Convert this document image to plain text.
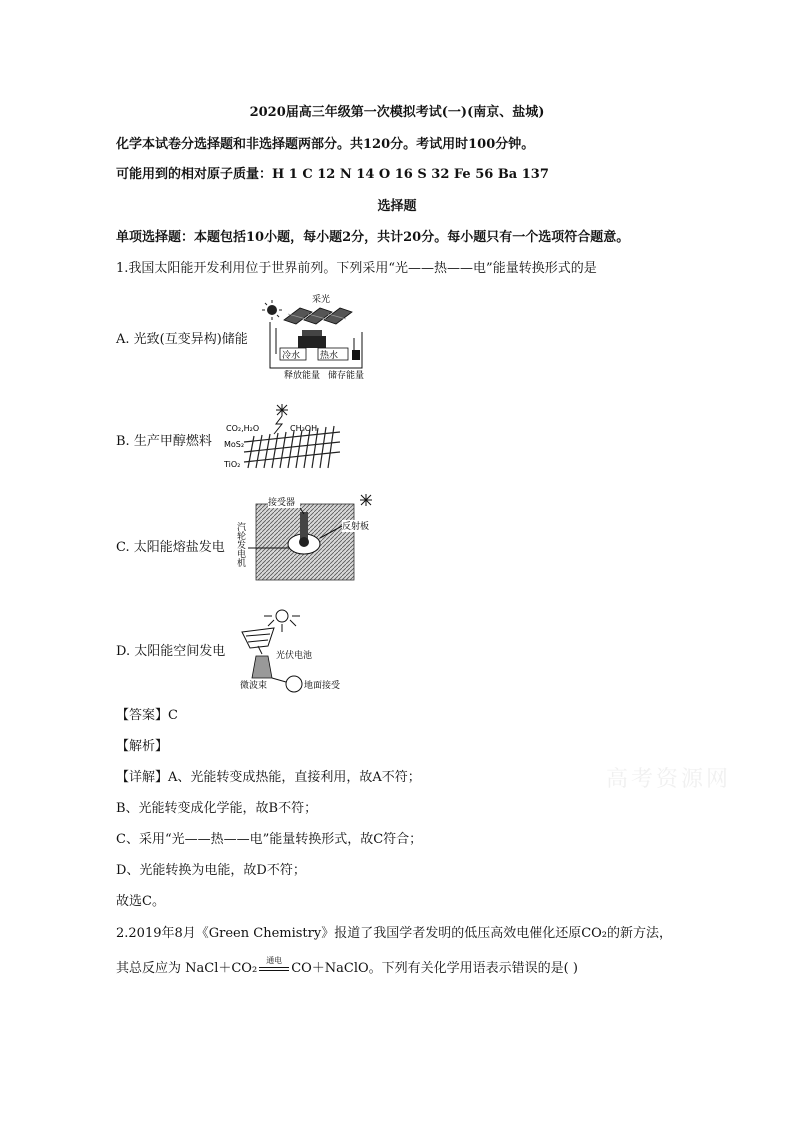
2020届高三年级第一次模拟考试(一)(南京、盐城)
化学本试卷分选择题和非选择题两部分。共120分。考试用时100分钟。
可能用到的相对原子质量：H 1 C 12 N 14 O 16 S 32 Fe 56 Ba 137
选择题
单项选择题：本题包括10小题，每小题2分，共计20分。每小题只有一个选项符合题意。
1.我国太阳能开发利用位于世界前列。下列采用“光——热——电”能量转换形式的是
A. 光致(互变异构)储能
采光
冷水 热水
释放能量 储存能量
B. 生产甲醇燃料
CO₂,H₂O	CH₃OH
MoS₂
TiO₂
C. 太阳能熔盐发电
接受器
反射板
汽轮发电机
D. 太阳能空间发电	光伏电池
微波束	地面接受
【答案】C
【解析】
【详解】A、光能转变成热能，直接利用，故A不符；
B、光能转变成化学能，故B不符；
C、采用“光——热——电”能量转换形式，故C符合；
D、光能转换为电能，故D不符；
故选C。
2.2019年8月《Green Chemistry》报道了我国学者发明的低压高效电催化还原CO₂的新方法，
其总反应为 NaCl＋CO₂
通电
CO＋NaClO。下列有关化学用语表示错误的是( )
高考资源网
